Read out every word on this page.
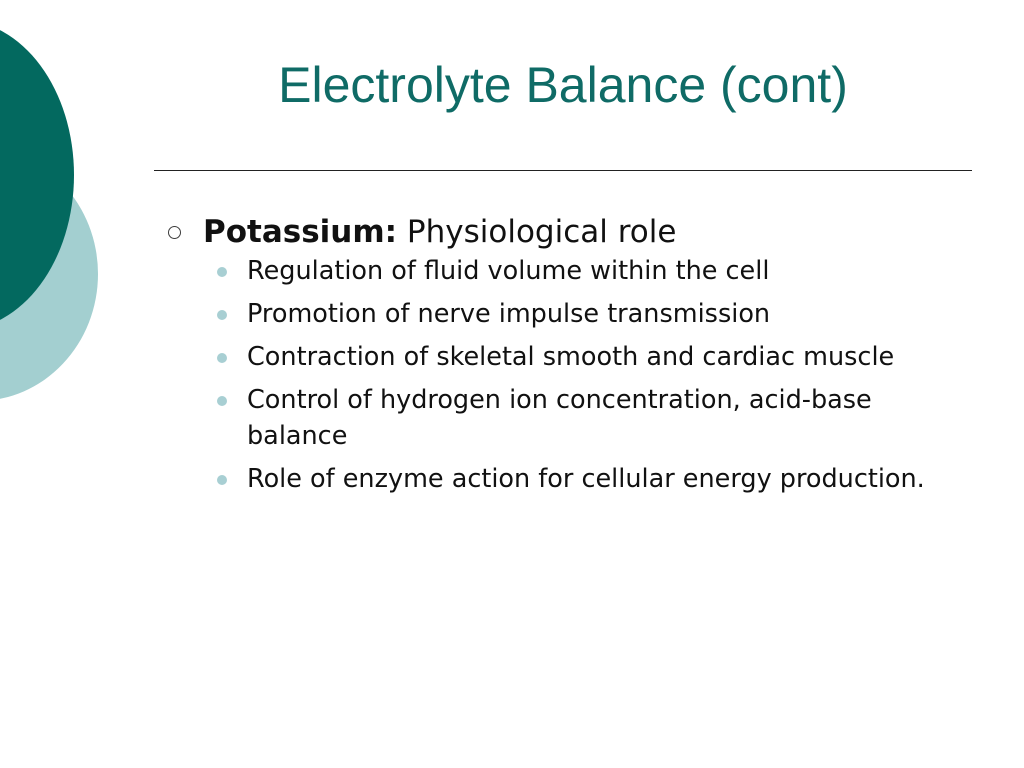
Electrolyte Balance (cont)
Potassium: Physiological role
Regulation of fluid volume within the cell
Promotion of nerve impulse transmission
Contraction of skeletal smooth and cardiac muscle
Control of hydrogen ion concentration, acid-base balance
Role of enzyme action for cellular energy production.
